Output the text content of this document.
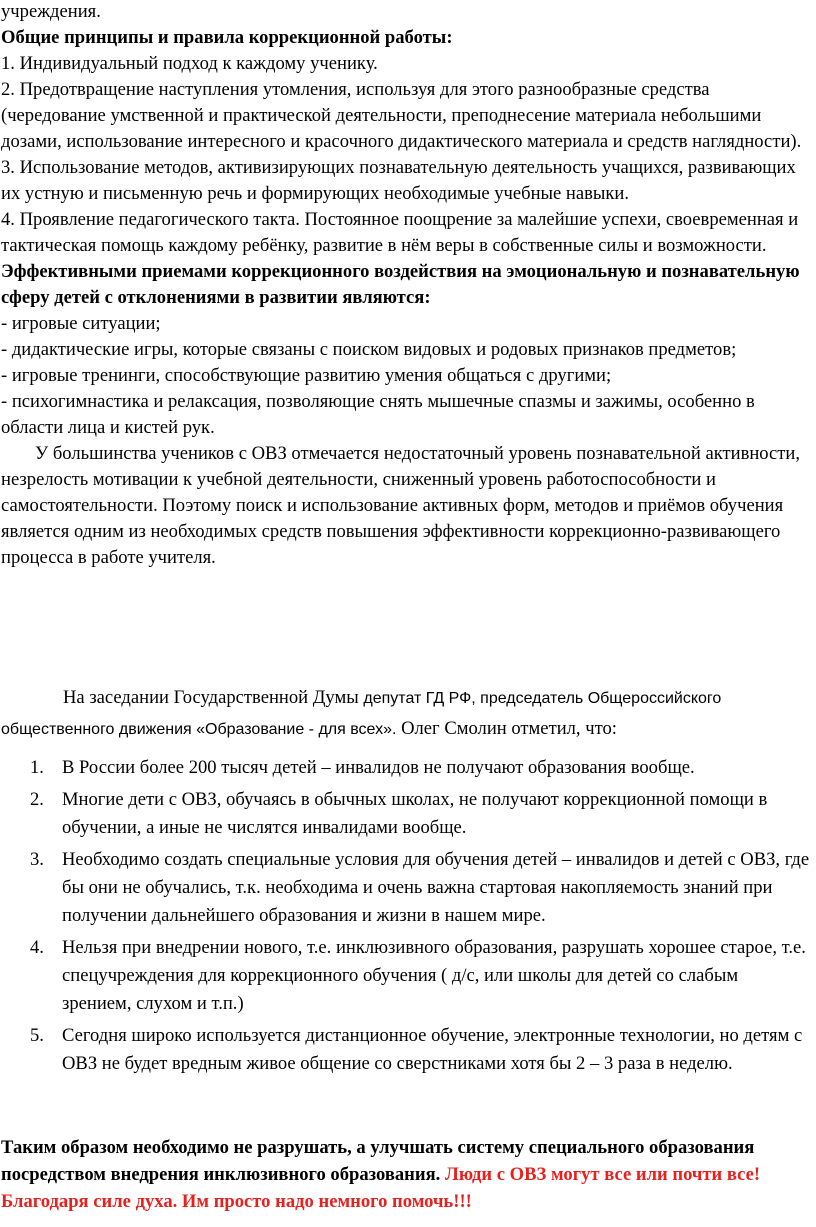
учреждения.

Общие принципы и правила коррекционной работы:

1. Индивидуальный подход к каждому ученику.

2. Предотвращение наступления утомления, используя для этого разнообразные средства (чередование умственной и практической деятельности, преподнесение материала небольшими дозами, использование интересного и красочного дидактического материала и средств наглядности).

3. Использование методов, активизирующих познавательную деятельность учащихся, развивающих их устную и письменную речь и формирующих необходимые учебные навыки.

4. Проявление педагогического такта. Постоянное поощрение за малейшие успехи, своевременная и тактическая помощь каждому ребёнку, развитие в нём веры в собственные силы и возможности.

Эффективными приемами коррекционного воздействия на эмоциональную и познавательную сферу детей с отклонениями в развитии являются:

- игровые ситуации;

- дидактические игры, которые связаны с поиском видовых и родовых признаков предметов;

- игровые тренинги, способствующие развитию умения общаться с другими;

- психогимнастика и релаксация, позволяющие снять мышечные спазмы и зажимы, особенно в области лица и кистей рук.

У большинства учеников с ОВЗ отмечается недостаточный уровень познавательной активности, незрелость мотивации к учебной деятельности, сниженный уровень работоспособности и самостоятельности. Поэтому поиск и использование активных форм, методов и приёмов обучения является одним из необходимых средств повышения эффективности коррекционно-развивающего процесса в работе учителя.

На заседании Государственной Думы депутат ГД РФ, председатель Общероссийского общественного движения «Образование - для всех». Олег Смолин отметил, что:

1. В России более 200 тысяч детей – инвалидов не получают образования вообще.
2. Многие дети с ОВЗ, обучаясь в обычных школах, не получают коррекционной помощи в обучении, а иные не числятся инвалидами вообще.
3. Необходимо создать специальные условия для обучения детей – инвалидов и детей с ОВЗ, где бы они не обучались, т.к. необходима и очень важна стартовая накопляемость знаний при получении дальнейшего образования и жизни в нашем мире.
4. Нельзя при внедрении нового, т.е. инклюзивного образования, разрушать хорошее старое, т.е. спецучреждения для коррекционного обучения ( д/с, или школы для детей со слабым зрением, слухом и т.п.)
5. Сегодня широко используется дистанционное обучение, электронные технологии, но детям с ОВЗ не будет вредным живое общение со сверстниками хотя бы 2 – 3 раза в неделю.

Таким образом необходимо не разрушать, а улучшать систему специального образования посредством внедрения инклюзивного образования. Люди с ОВЗ могут все или почти все! Благодаря силе духа. Им просто надо немного помочь!!!
